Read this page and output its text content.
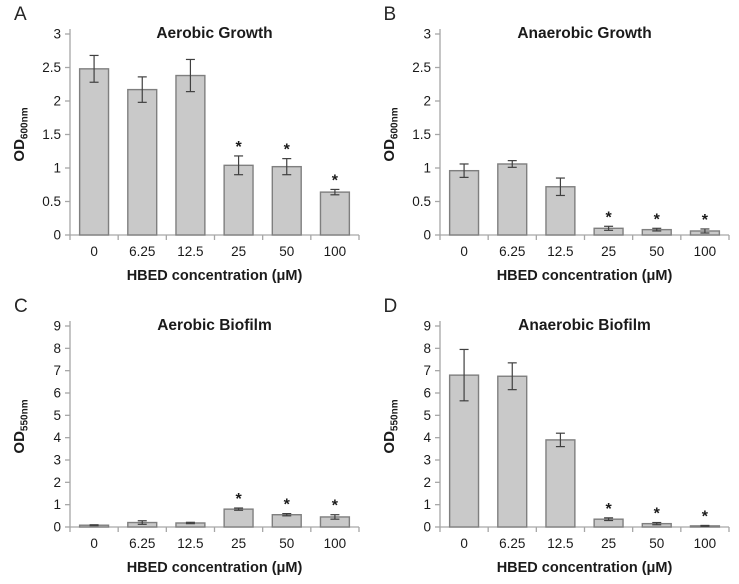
A
0
0.5
1
1.5
2
2.5
3
0 6.25 12.5
*
25
*
50
*
100
Aerobic Growth
HBED concentration (μM)
$OD_{600nm}$
B
0
0.5
1
1.5
2
2.5
3
0 6.25 12.5
*
25
*
50
*
100
Anaerobic Growth
HBED concentration (μM)
$OD_{600nm}$
C
0
1
2
3
4
5
6
7
8
9
0 6.25 12.5
*
25
*
50
*
100
Aerobic Biofilm
HBED concentration (μM)
$OD_{550nm}$
D
0
1
2
3
4
5
6
7
8
9
0 6.25 12.5
*
25
*
50
*
100
Anaerobic Biofilm
HBED concentration (μM)
$OD_{550nm}$
